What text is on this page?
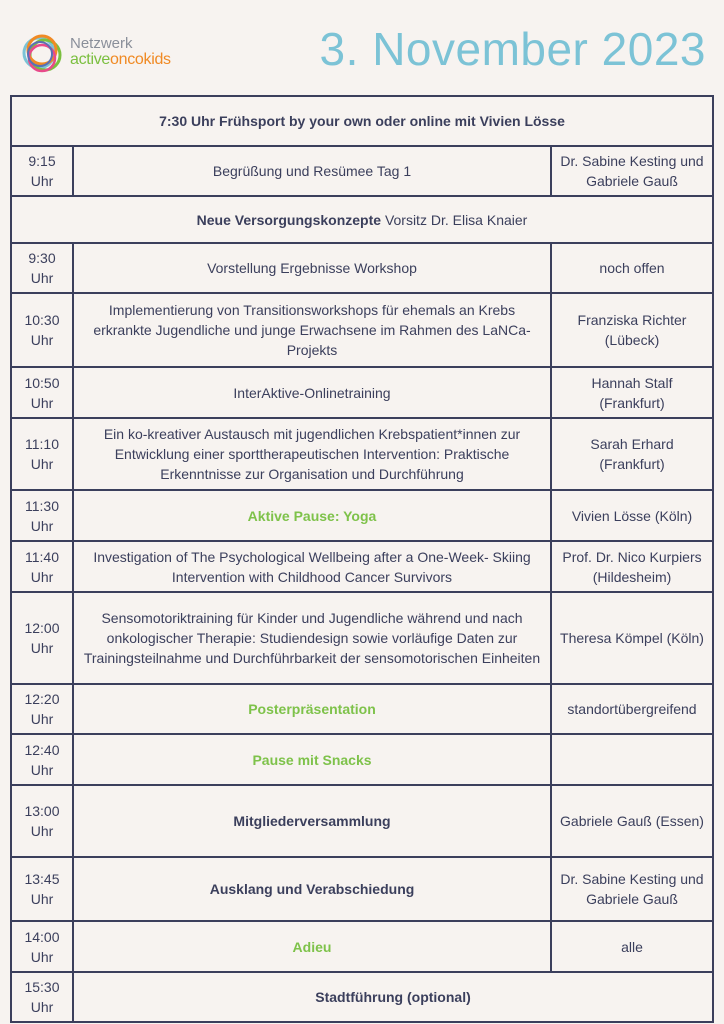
Netzwerk
activeoncokids	3. November 2023
7:30 Uhr Frühsport by your own oder online mit Vivien Lösse		
9:15 Uhr	Begrüßung und Resümee Tag 1	Dr. Sabine Kesting und Gabriele Gauß
Neue Versorgungskonzepte Vorsitz Dr. Elisa Knaier		
9:30 Uhr	Vorstellung Ergebnisse Workshop	noch offen
10:30 Uhr	Implementierung von Transitionsworkshops für ehemals an Krebs erkrankte Jugendliche und junge Erwachsene im Rahmen des LaNCa-Projekts	Franziska Richter (Lübeck)
10:50 Uhr	InterAktive-Onlinetraining	Hannah Stalf (Frankfurt)
11:10 Uhr	Ein ko-kreativer Austausch mit jugendlichen Krebspatient*innen zur Entwicklung einer sporttherapeutischen Intervention: Praktische Erkenntnisse zur Organisation und Durchführung	Sarah Erhard (Frankfurt)
11:30 Uhr	Aktive Pause: Yoga	Vivien Lösse (Köln)
11:40 Uhr	Investigation of The Psychological Wellbeing after a One-Week- Skiing Intervention with Childhood Cancer Survivors	Prof. Dr. Nico Kurpiers (Hildesheim)
12:00 Uhr	Sensomotoriktraining für Kinder und Jugendliche während und nach onkologischer Therapie: Studiendesign sowie vorläufige Daten zur Trainingsteilnahme und Durchführbarkeit der sensomotorischen Einheiten	Theresa Kömpel (Köln)
12:20 Uhr	Posterpräsentation	standortübergreifend
12:40 Uhr	Pause mit Snacks	
13:00 Uhr	Mitgliederversammlung	Gabriele Gauß (Essen)
13:45 Uhr	Ausklang und Verabschiedung	Dr. Sabine Kesting und Gabriele Gauß
14:00 Uhr	Adieu	alle
15:30 Uhr	Stadtführung (optional)	
